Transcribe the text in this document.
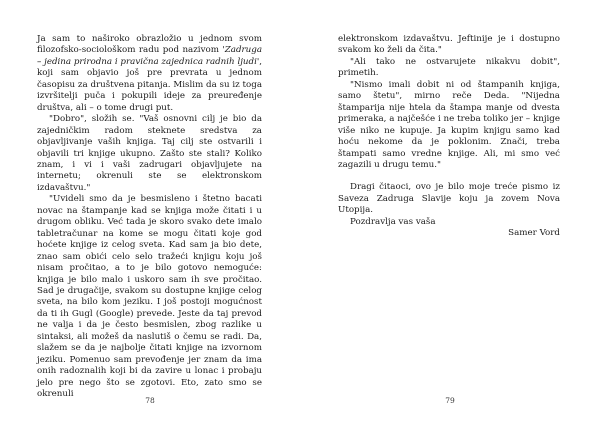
Ja sam to naširoko obrazložio u jednom svom filozofsko-sociološkom radu pod nazivom 'Zadruga – jedina prirodna i pravična zajednica radnih ljudi', koji sam objavio još pre prevrata u jednom časopisu za društvena pitanja. Mislim da su iz toga izvršitelji puča i pokupili ideje za preuređenje društva, ali – o tome drugi put.

"Dobro", složih se. "Vaš osnovni cilj je bio da zajedničkim radom steknete sredstva za objavljivanje vaših knjiga. Taj cilj ste ostvarili i objavili tri knjige ukupno. Zašto ste stali? Koliko znam, i vi i vaši zadrugari objavljujete na internetu; okrenuli ste se elektronskom izdavaštvu."

"Uvideli smo da je besmisleno i štetno bacati novac na štampanje kad se knjiga može čitati i u drugom obliku. Već tada je skoro svako dete imalo tabletračunar na kome se mogu čitati koje god hoćete knjige iz celog sveta. Kad sam ja bio dete, znao sam obići celo selo tražeći knjigu koju još nisam pročitao, a to je bilo gotovo nemoguće: knjiga je bilo malo i uskoro sam ih sve pročitao. Sad je drugačije, svakom su dostupne knjige celog sveta, na bilo kom jeziku. I još postoji mogućnost da ti ih Gugl (Google) prevede. Jeste da taj prevod ne valja i da je često besmislen, zbog razlike u sintaksi, ali možeš da naslutiš o čemu se radi. Da, slažem se da je najbolje čitati knjige na izvornom jeziku. Pomenuo sam prevođenje jer znam da ima onih radoznalih koji bi da zavire u lonac i probaju jelo pre nego što se zgotovi. Eto, zato smo se okrenuli

78

elektronskom izdavaštvu. Jeftinije je i dostupno svakom ko želi da čita."

"Ali tako ne ostvarujete nikakvu dobit", primetih.

"Nismo imali dobit ni od štampanih knjiga, samo štetu", mirno reče Deda. "Nijedna štamparija nije htela da štampa manje od dvesta primeraka, a najčešće i ne treba toliko jer – knjige više niko ne kupuje. Ja kupim knjigu samo kad hoću nekome da je poklonim. Znači, treba štampati samo vredne knjige. Ali, mi smo već zagazili u drugu temu."

Dragi čitaoci, ovo je bilo moje treće pismo iz Saveza Zadruga Slavije koju ja zovem Nova Utopija.

Pozdravlja vas vaša

Samer Vord

79
